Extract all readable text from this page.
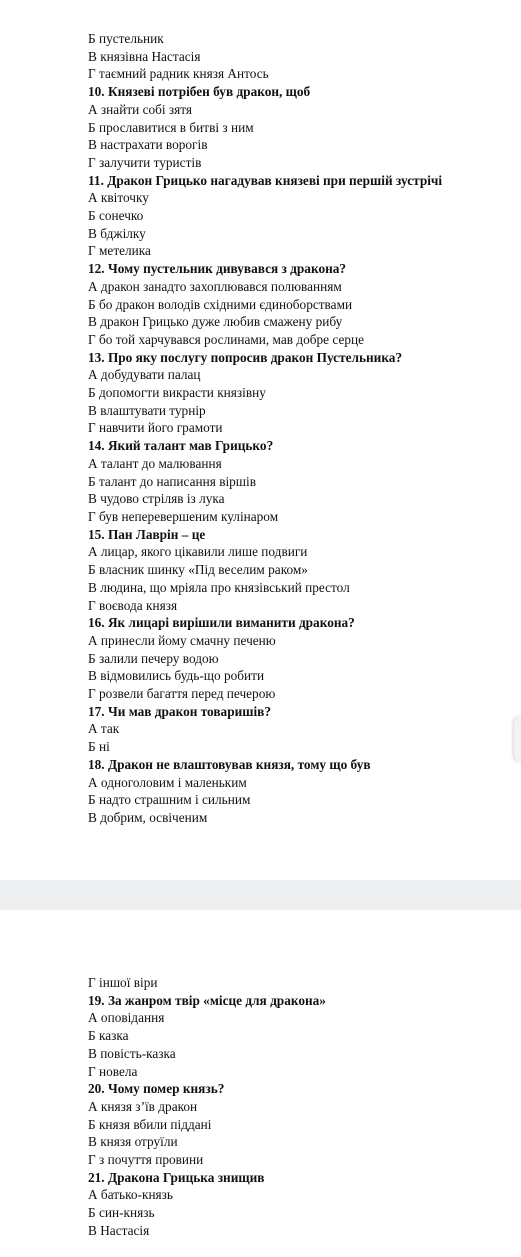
Б пустельник
В князівна Настасія
Г таємний радник князя Антось
10. Князеві потрібен був дракон, щоб
А знайти собі зятя
Б прославитися в битві з ним
В настрахати ворогів
Г залучити туристів
11. Дракон Грицько нагадував князеві при першій зустрічі
А квіточку
Б сонечко
В бджілку
Г метелика
12. Чому пустельник дивувався з дракона?
А дракон занадто захоплювався полюванням
Б бо дракон володів східними єдиноборствами
В дракон Грицько дуже любив смажену рибу
Г бо той харчувався рослинами, мав добре серце
13. Про яку послугу попросив дракон Пустельника?
А добудувати палац
Б допомогти викрасти князівну
В влаштувати турнір
Г навчити його грамоти
14. Який талант мав Грицько?
А талант до малювання
Б талант до написання віршів
В чудово стріляв із лука
Г був неперевершеним кулінаром
15. Пан Лаврін – це
А лицар, якого цікавили лише подвиги
Б власник шинку «Під веселим раком»
В людина, що мріяла про князівський престол
Г воєвода князя
16. Як лицарі вирішили виманити дракона?
А принесли йому смачну печеню
Б залили печеру водою
В відмовились будь-що робити
Г розвели багаття перед печерою
17. Чи мав дракон товаришів?
А так
Б ні
18. Дракон не влаштовував князя, тому що був
А одноголовим і маленьким
Б надто страшним і сильним
В добрим, освіченим
Г іншої віри
19. За жанром твір «місце для дракона»
А оповідання
Б казка
В повість-казка
Г новела
20. Чому помер князь?
А князя з’їв дракон
Б князя вбили піддані
В князя отруїли
Г з почуття провини
21. Дракона Грицька знищив
А батько-князь
Б син-князь
В Настасія
